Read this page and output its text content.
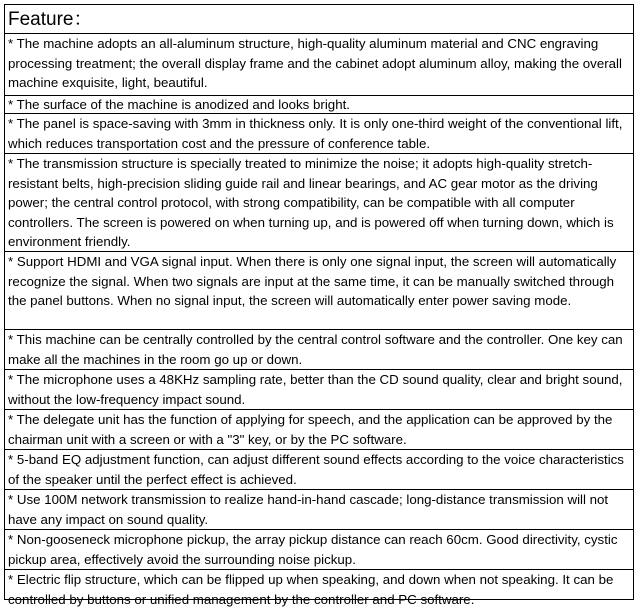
Feature：
* The machine adopts an all-aluminum structure, high-quality aluminum material and CNC engraving processing treatment; the overall display frame and the cabinet adopt aluminum alloy, making the overall machine exquisite, light, beautiful.
* The surface of the machine is anodized and looks bright.
* The panel is space-saving with 3mm in thickness only. It is only one-third weight of the conventional lift, which reduces transportation cost and the pressure of conference table.
* The transmission structure is specially treated to minimize the noise; it adopts high-quality stretch-resistant belts, high-precision sliding guide rail and linear bearings, and AC gear motor as the driving power; the central control protocol, with strong compatibility, can be compatible with all computer controllers. The screen is powered on when turning up, and is powered off when turning down, which is environment friendly.
* Support HDMI and VGA signal input. When there is only one signal input, the screen will automatically recognize the signal. When two signals are input at the same time, it can be manually switched through the panel buttons. When no signal input, the screen will automatically enter power saving mode.
* This machine can be centrally controlled by the central control software and the controller. One key can make all the machines in the room go up or down.
* The microphone uses a 48KHz sampling rate, better than the CD sound quality, clear and bright sound, without the low-frequency impact sound.
* The delegate unit has the function of applying for speech, and the application can be approved by the chairman unit with a screen or with a "3" key, or by the PC software.
* 5-band EQ adjustment function, can adjust different sound effects according to the voice characteristics of the speaker until the perfect effect is achieved.
* Use 100M network transmission to realize hand-in-hand cascade; long-distance transmission will not have any impact on sound quality.
* Non-gooseneck microphone pickup, the array pickup distance can reach 60cm. Good directivity, cystic pickup area, effectively avoid the surrounding noise pickup.
* Electric flip structure, which can be flipped up when speaking, and down when not speaking. It can be controlled by buttons or unified management by the controller and PC software.
